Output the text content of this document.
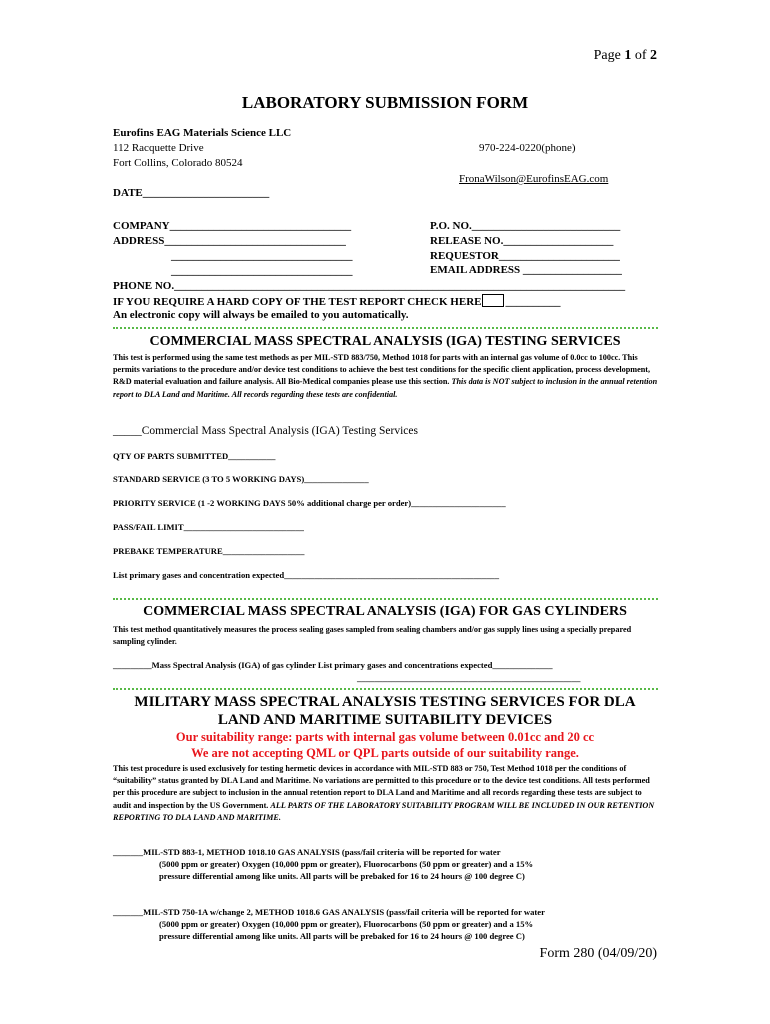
Page 1 of 2
LABORATORY SUBMISSION FORM
Eurofins EAG Materials Science LLC
112 Racquette Drive
Fort Collins, Colorado 80524
970-224-0220(phone)
FronaWilson@EurofinsEAG.com
DATE_______________________
COMPANY_________________________________
ADDRESS_________________________________
_________________________________
_________________________________
P.O. NO.___________________________
RELEASE NO.____________________
REQUESTOR______________________
EMAIL ADDRESS __________________
PHONE NO.__________________________________________________________________________________
IF YOU REQUIRE A HARD COPY OF THE TEST REPORT CHECK HERE __________
An electronic copy will always be emailed to you automatically.
COMMERCIAL MASS SPECTRAL ANALYSIS (IGA) TESTING SERVICES
This test is performed using the same test methods as per MIL-STD 883/750, Method 1018 for parts with an internal gas volume of 0.0cc to 100cc. This permits variations to the procedure and/or device test conditions to achieve the best test conditions for the specific client application, process development, R&D material evaluation and failure analysis. All Bio-Medical companies please use this section. This data is NOT subject to inclusion in the annual retention report to DLA Land and Maritime. All records regarding these tests are confidential.
_____Commercial Mass Spectral Analysis (IGA) Testing Services
QTY OF PARTS SUBMITTED___________
STANDARD SERVICE (3 TO 5 WORKING DAYS)_______________
PRIORITY SERVICE (1 -2 WORKING DAYS 50% additional charge per order)______________________
PASS/FAIL LIMIT____________________________
PREBAKE TEMPERATURE___________________
List primary gases and concentration expected__________________________________________________
COMMERCIAL MASS SPECTRAL ANALYSIS (IGA) FOR GAS CYLINDERS
This test method quantitatively measures the process sealing gases sampled from sealing chambers and/or gas supply lines using a specially prepared sampling cylinder.
_________Mass Spectral Analysis (IGA) of gas cylinder List primary gases and concentrations expected______________
____________________________________________________
MILITARY MASS SPECTRAL ANALYSIS TESTING SERVICES FOR DLA
LAND AND MARITIME SUITABILITY DEVICES
Our suitability range: parts with internal gas volume between 0.01cc and 20 cc
We are not accepting QML or QPL parts outside of our suitability range.
This test procedure is used exclusively for testing hermetic devices in accordance with MIL-STD 883 or 750, Test Method 1018 per the conditions of “suitability” status granted by DLA Land and Maritime. No variations are permitted to this procedure or to the device test conditions. All tests performed per this procedure are subject to inclusion in the annual retention report to DLA Land and Maritime and all records regarding these tests are subject to audit and inspection by the US Government. ALL PARTS OF THE LABORATORY SUITABILITY PROGRAM WILL BE INCLUDED IN OUR RETENTION REPORTING TO DLA LAND AND MARITIME.
_______MIL-STD 883-1, METHOD 1018.10 GAS ANALYSIS (pass/fail criteria will be reported for water
(5000 ppm or greater) Oxygen (10,000 ppm or greater), Fluorocarbons (50 ppm or greater) and a 15%
pressure differential among like units. All parts will be prebaked for 16 to 24 hours @ 100 degree C)
_______MIL-STD 750-1A w/change 2, METHOD 1018.6 GAS ANALYSIS (pass/fail criteria will be reported for water
(5000 ppm or greater) Oxygen (10,000 ppm or greater), Fluorocarbons (50 ppm or greater) and a 15%
pressure differential among like units. All parts will be prebaked for 16 to 24 hours @ 100 degree C)
Form 280 (04/09/20)
